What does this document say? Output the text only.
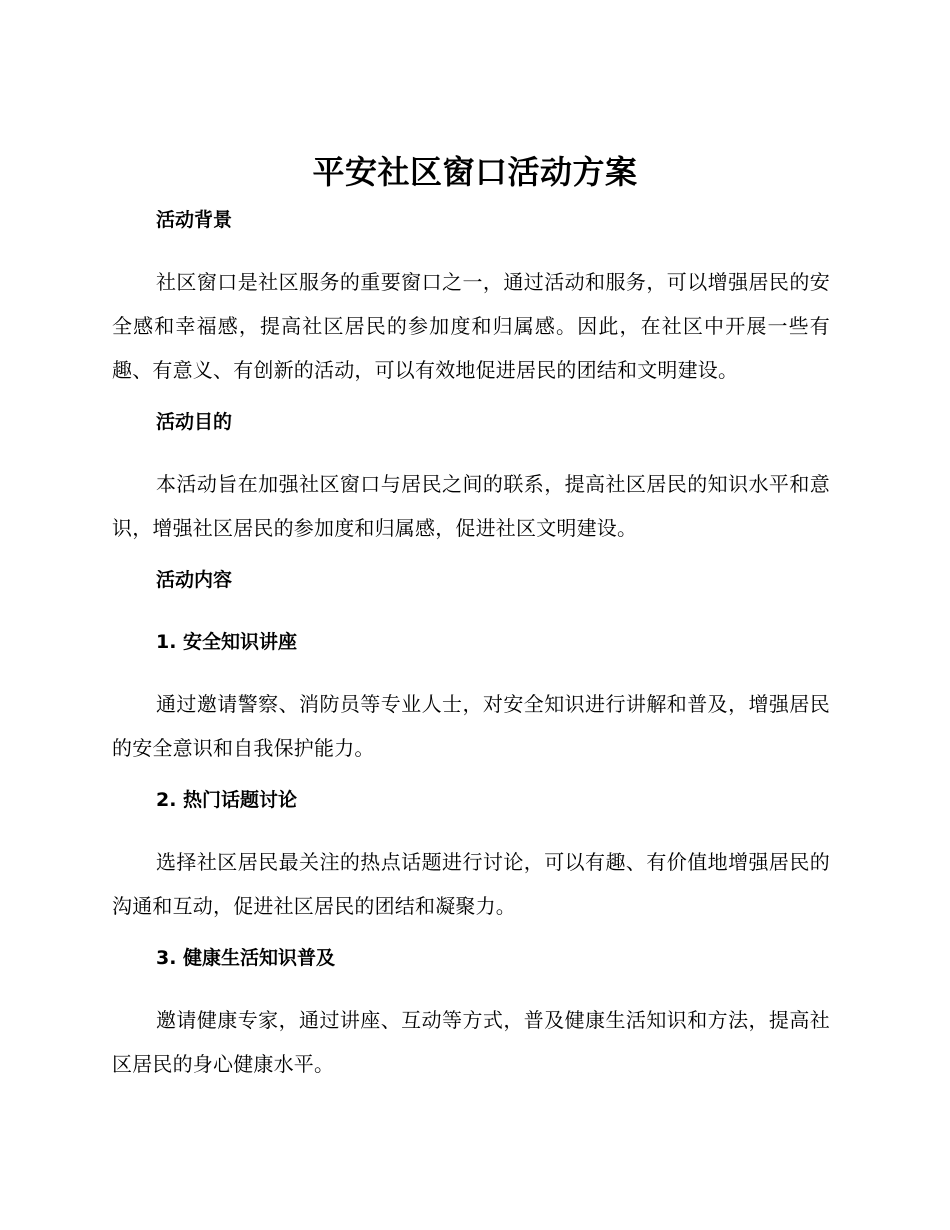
平安社区窗口活动方案

活动背景

社区窗口是社区服务的重要窗口之一，通过活动和服务，可以增强居民的安全感和幸福感，提高社区居民的参加度和归属感。因此，在社区中开展一些有趣、有意义、有创新的活动，可以有效地促进居民的团结和文明建设。

活动目的

本活动旨在加强社区窗口与居民之间的联系，提高社区居民的知识水平和意识，增强社区居民的参加度和归属感，促进社区文明建设。

活动内容

1. 安全知识讲座

通过邀请警察、消防员等专业人士，对安全知识进行讲解和普及，增强居民的安全意识和自我保护能力。

2. 热门话题讨论

选择社区居民最关注的热点话题进行讨论，可以有趣、有价值地增强居民的沟通和互动，促进社区居民的团结和凝聚力。

3. 健康生活知识普及

邀请健康专家，通过讲座、互动等方式，普及健康生活知识和方法，提高社区居民的身心健康水平。
